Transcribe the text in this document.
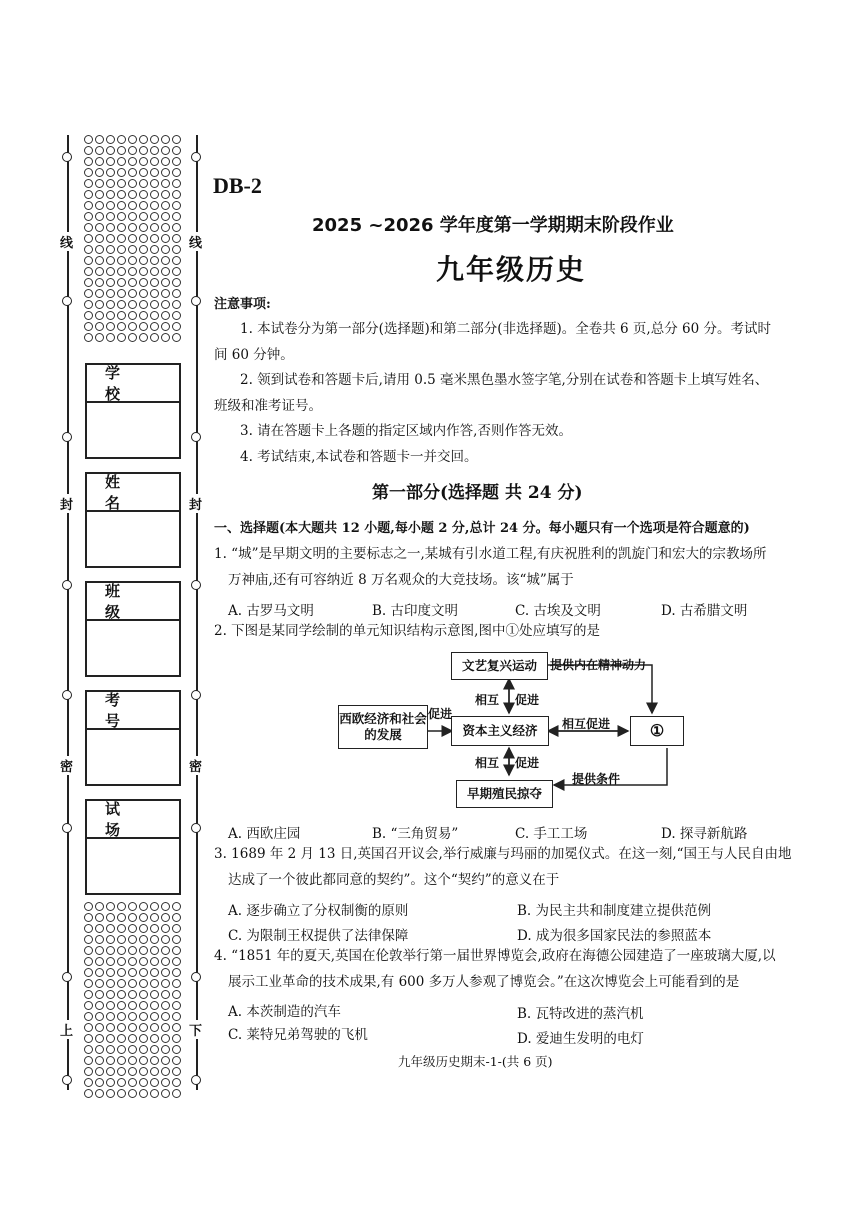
线	线
封	封
密	密
上	下
学 校
姓 名
班 级
考 号
试 场
DB-2
2025 ~2026 学年度第一学期期末阶段作业
九年级历史
注意事项:
1. 本试卷分为第一部分(选择题)和第二部分(非选择题)。全卷共 6 页,总分 60 分。考试时
间 60 分钟。
2. 领到试卷和答题卡后,请用 0.5 毫米黑色墨水签字笔,分别在试卷和答题卡上填写姓名、
班级和准考证号。
3. 请在答题卡上各题的指定区域内作答,否则作答无效。
4. 考试结束,本试卷和答题卡一并交回。
第一部分(选择题 共 24 分)
一、选择题(本大题共 12 小题,每小题 2 分,总计 24 分。每小题只有一个选项是符合题意的)
1. “城”是早期文明的主要标志之一,某城有引水道工程,有庆祝胜利的凯旋门和宏大的宗教场所
万神庙,还有可容纳近 8 万名观众的大竞技场。该“城”属于
A. 古罗马文明	B. 古印度文明	C. 古埃及文明	D. 古希腊文明
2. 下图是某同学绘制的单元知识结构示意图,图中①处应填写的是
文艺复兴运动
西欧经济和社会的发展	资本主义经济	①
早期殖民掠夺
提供内在精神动力
相互 促进
促进
相互促进
相互 促进
提供条件
A. 西欧庄园	B. “三角贸易”	C. 手工工场	D. 探寻新航路
3. 1689 年 2 月 13 日,英国召开议会,举行威廉与玛丽的加冕仪式。在这一刻,“国王与人民自由地
达成了一个彼此都同意的契约”。这个“契约”的意义在于
A. 逐步确立了分权制衡的原则	B. 为民主共和制度建立提供范例
C. 为限制王权提供了法律保障	D. 成为很多国家民法的参照蓝本
4. “1851 年的夏天,英国在伦敦举行第一届世界博览会,政府在海德公园建造了一座玻璃大厦,以
展示工业革命的技术成果,有 600 多万人参观了博览会。”在这次博览会上可能看到的是
A. 本茨制造的汽车	B. 瓦特改进的蒸汽机
C. 莱特兄弟驾驶的飞机	D. 爱迪生发明的电灯
九年级历史期末-1-(共 6 页)
